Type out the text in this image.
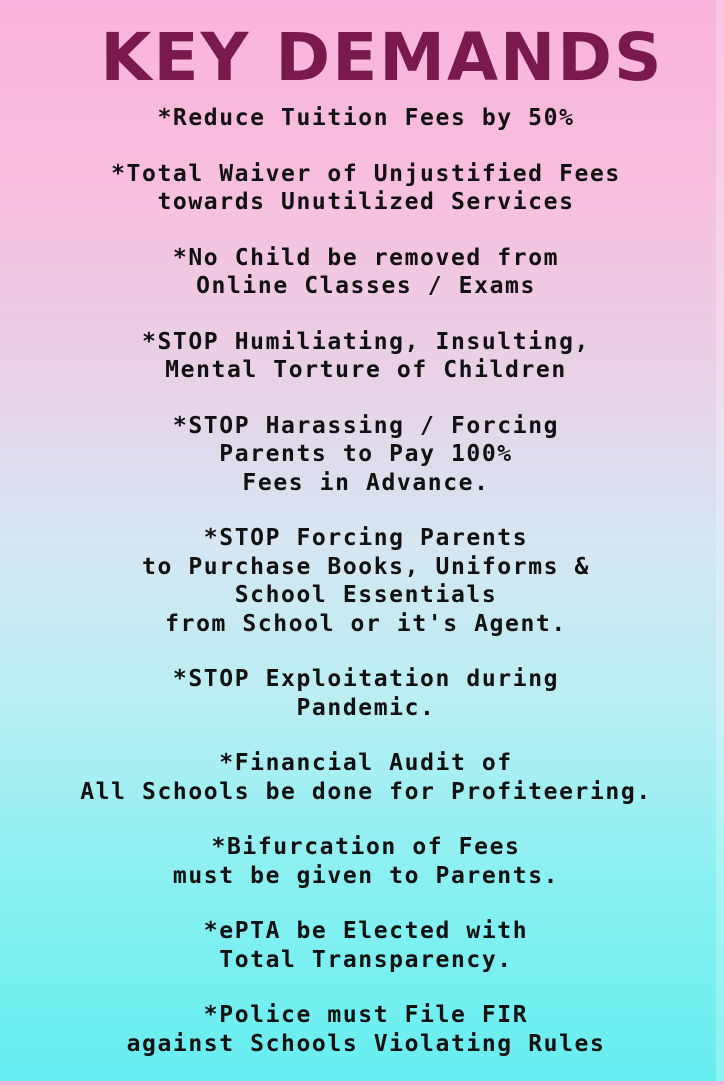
KEY DEMANDS
*Reduce Tuition Fees by 50%
*Total Waiver of Unjustified Fees
towards Unutilized Services
*No Child be removed from
Online Classes / Exams
*STOP Humiliating, Insulting,
Mental Torture of Children
*STOP Harassing / Forcing
Parents to Pay 100%
Fees in Advance.
*STOP Forcing Parents
to Purchase Books, Uniforms &
School Essentials
from School or it's Agent.
*STOP Exploitation during
Pandemic.
*Financial Audit of
All Schools be done for Profiteering.
*Bifurcation of Fees
must be given to Parents.
*ePTA be Elected with
Total Transparency.
*Police must File FIR
against Schools Violating Rules
